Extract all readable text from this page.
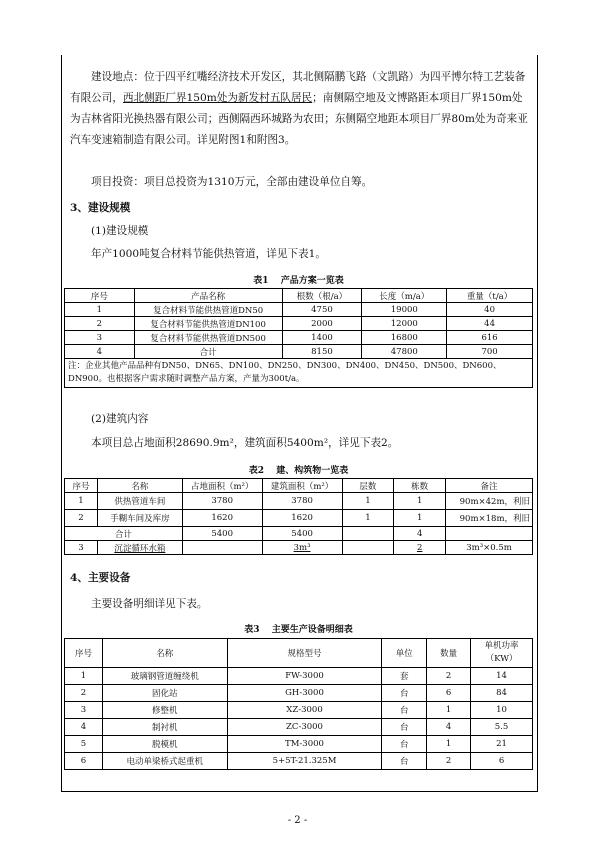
建设地点：位于四平红嘴经济技术开发区，其北侧隔鹏飞路（文凯路）为四平博尔特工艺装备有限公司，西北侧距厂界150m处为新发村五队居民；南侧隔空地及文博路距本项目厂界150m处为吉林省阳光换热器有限公司；西侧隔西环城路为农田；东侧隔空地距本项目厂界80m处为奇来亚汽车变速箱制造有限公司。详见附图1和附图3。

项目投资：项目总投资为1310万元，全部由建设单位自筹。

3、建设规模

(1)建设规模

年产1000吨复合材料节能供热管道，详见下表1。

表1　 产品方案一览表
序号	产品名称	根数（根/a）	长度（m/a）	重量（t/a）
1	复合材料节能供热管道DN50	4750	19000	40
2	复合材料节能供热管道DN100	2000	12000	44
3	复合材料节能供热管道DN500	1400	16800	616
4	合计	8150	47800	700
注：企业其他产品品种有DN50、DN65、DN100、DN250、DN300、DN400、DN450、DN500、DN600、DN900。也根据客户需求随时调整产品方案，产量为300t/a。				

(2)建筑内容

本项目总占地面积28690.9m²，建筑面积5400m²，详见下表2。

表2　 建、构筑物一览表
序号	名称	占地面积（m²）	建筑面积（m²）	层数	栋数	备注
1	供热管道车间	3780	3780	1	1	90m×42m，利旧
2	手糊车间及库房	1620	1620	1	1	90m×18m，利旧
合计		5400	5400		4	
3	沉淀循环水箱		3m³		2	3m³×0.5m

4、主要设备

主要设备明细详见下表。

表3　 主要生产设备明细表
序号	名称	规格型号	单位	数量	单机功率（KW）
1	玻璃钢管道缠绕机	FW-3000	套	2	14
2	固化站	GH-3000	台	6	84
3	修整机	XZ-3000	台	1	10
4	制衬机	ZC-3000	台	4	5.5
5	脱模机	TM-3000	台	1	21
6	电动单梁桥式起重机	5+5T-21.325M	台	2	6
- 2 -
